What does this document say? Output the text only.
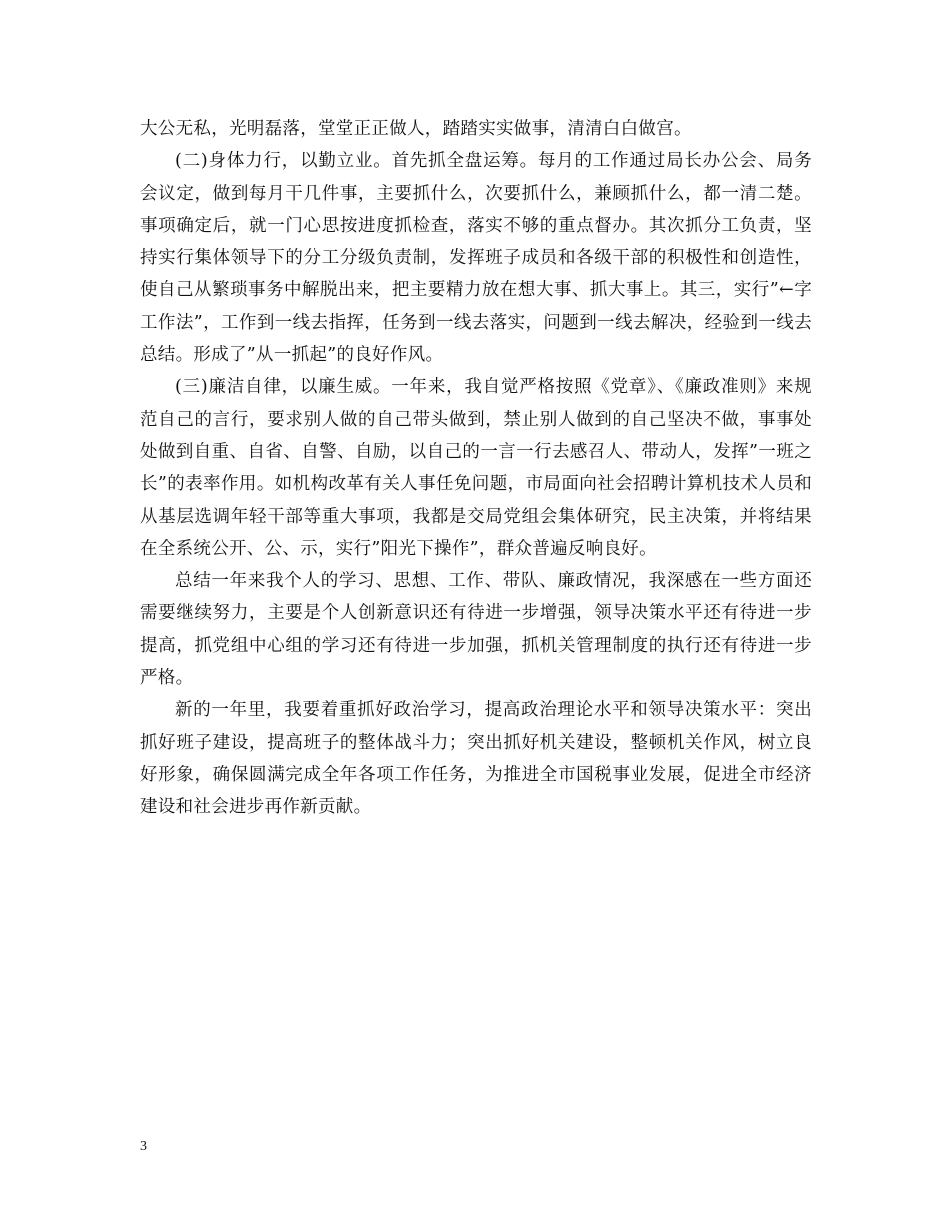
大公无私，光明磊落，堂堂正正做人，踏踏实实做事，清清白白做宫。

(二)身体力行，以勤立业。首先抓全盘运筹。每月的工作通过局长办公会、局务会议定，做到每月干几件事，主要抓什么，次要抓什么，兼顾抓什么，都一清二楚。事项确定后，就一门心思按进度抓检查，落实不够的重点督办。其次抓分工负责，坚持实行集体领导下的分工分级负责制，发挥班子成员和各级干部的积极性和创造性，使自己从繁琐事务中解脱出来，把主要精力放在想大事、抓大事上。其三，实行”←字工作法”，工作到一线去指挥，任务到一线去落实，问题到一线去解决，经验到一线去总结。形成了”从一抓起”的良好作风。

(三)廉洁自律，以廉生威。一年来，我自觉严格按照《党章》、《廉政准则》来规范自己的言行，要求别人做的自己带头做到，禁止别人做到的自己坚决不做，事事处处做到自重、自省、自警、自励，以自己的一言一行去感召人、带动人，发挥”一班之长”的表率作用。如机构改革有关人事任免问题，市局面向社会招聘计算机技术人员和从基层选调年轻干部等重大事项，我都是交局党组会集体研究，民主决策，并将结果在全系统公开、公、示，实行”阳光下操作”，群众普遍反响良好。

总结一年来我个人的学习、思想、工作、带队、廉政情况，我深感在一些方面还需要继续努力，主要是个人创新意识还有待进一步增强，领导决策水平还有待进一步提高，抓党组中心组的学习还有待进一步加强，抓机关管理制度的执行还有待进一步严格。

新的一年里，我要着重抓好政治学习，提高政治理论水平和领导决策水平：突出抓好班子建设，提高班子的整体战斗力；突出抓好机关建设，整顿机关作风，树立良好形象，确保圆满完成全年各项工作任务，为推进全市国税事业发展，促进全市经济建设和社会进步再作新贡献。

3
